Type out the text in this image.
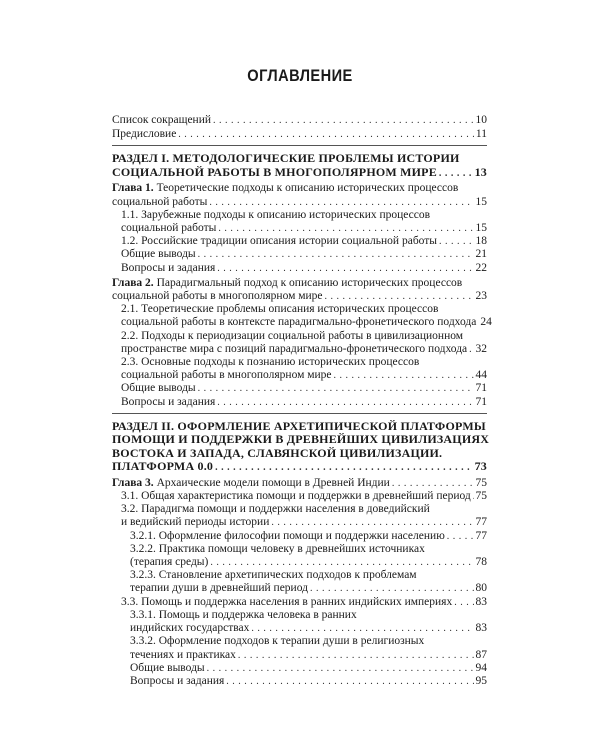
ОГЛАВЛЕНИЕ
Список сокращений . . .	10
Предисловие . . .	11
РАЗДЕЛ I. МЕТОДОЛОГИЧЕСКИЕ ПРОБЛЕМЫ ИСТОРИИ
СОЦИАЛЬНОЙ РАБОТЫ В МНОГОПОЛЯРНОМ МИРЕ . . .	13
Глава 1. Теоретические подходы к описанию исторических процессов
социальной работы . . .	15
1.1. Зарубежные подходы к описанию исторических процессов
социальной работы . . .	15
1.2. Российские традиции описания истории социальной работы . . .	18
Общие выводы . . .	21
Вопросы и задания . . .	22
Глава 2. Парадигмальный подход к описанию исторических процессов
социальной работы в многополярном мире . . .	23
2.1. Теоретические проблемы описания исторических процессов
социальной работы в контексте парадигмально-фронетического подхода 24
2.2. Подходы к периодизации социальной работы в цивилизационном
пространстве мира с позиций парадигмально-фронетического подхода . . . 32
2.3. Основные подходы к познанию исторических процессов
социальной работы в многополярном мире . . .	44
Общие выводы . . .	71
Вопросы и задания . . .	71
РАЗДЕЛ II. ОФОРМЛЕНИЕ АРХЕТИПИЧЕСКОЙ ПЛАТФОРМЫ
ПОМОЩИ И ПОДДЕРЖКИ В ДРЕВНЕЙШИХ ЦИВИЛИЗАЦИЯХ
ВОСТОКА И ЗАПАДА, СЛАВЯНСКОЙ ЦИВИЛИЗАЦИИ.
ПЛАТФОРМА 0.0 . . .	73
Глава 3. Архаические модели помощи в Древней Индии . . .	75
3.1. Общая характеристика помощи и поддержки в древнейший период . . . 75
3.2. Парадигма помощи и поддержки населения в доведийский
и ведийский периоды истории . . .	77
3.2.1. Оформление философии помощи и поддержки населению . . .	77
3.2.2. Практика помощи человеку в древнейших источниках
(терапия среды) . . .	78
3.2.3. Становление архетипических подходов к проблемам
терапии души в древнейший период . . .	80
3.3. Помощь и поддержка населения в ранних индийских империях . . . 83
3.3.1. Помощь и поддержка человека в ранних
индийских государствах . . .	83
3.3.2. Оформление подходов к терапии души в религиозных
течениях и практиках . . .	87
Общие выводы . . .	94
Вопросы и задания . . .	95
